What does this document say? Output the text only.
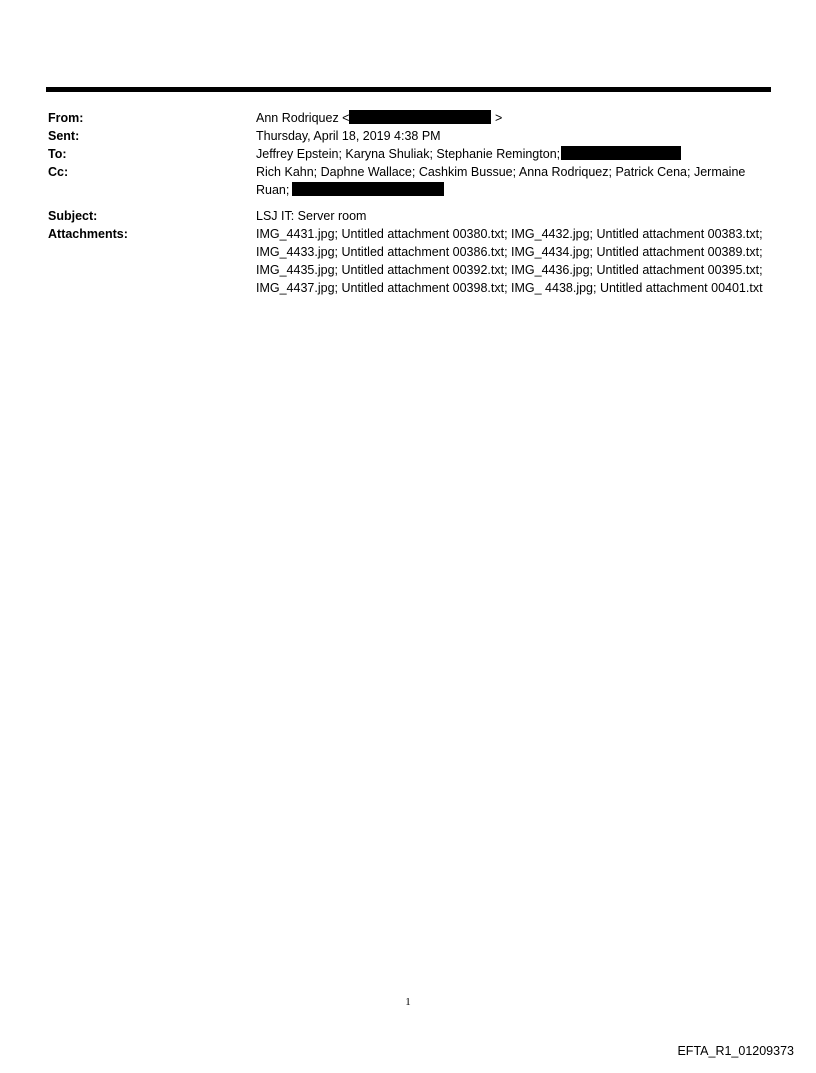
From:	Ann Rodriquez <	>
Sent:	Thursday, April 18, 2019 4:38 PM
To:	Jeffrey Epstein; Karyna Shuliak; Stephanie Remington;
Cc:	Rich Kahn; Daphne Wallace; Cashkim Bussue; Anna Rodriquez; Patrick Cena; Jermaine Ruan;
Subject:	LSJ IT: Server room
Attachments:	IMG_4431.jpg; Untitled attachment 00380.txt; IMG_4432.jpg; Untitled attachment 00383.txt; IMG_4433.jpg; Untitled attachment 00386.txt; IMG_4434.jpg; Untitled attachment 00389.txt; IMG_4435.jpg; Untitled attachment 00392.txt; IMG_4436.jpg; Untitled attachment 00395.txt; IMG_4437.jpg; Untitled attachment 00398.txt; IMG_ 4438.jpg; Untitled attachment 00401.txt
1
EFTA_R1_01209373
